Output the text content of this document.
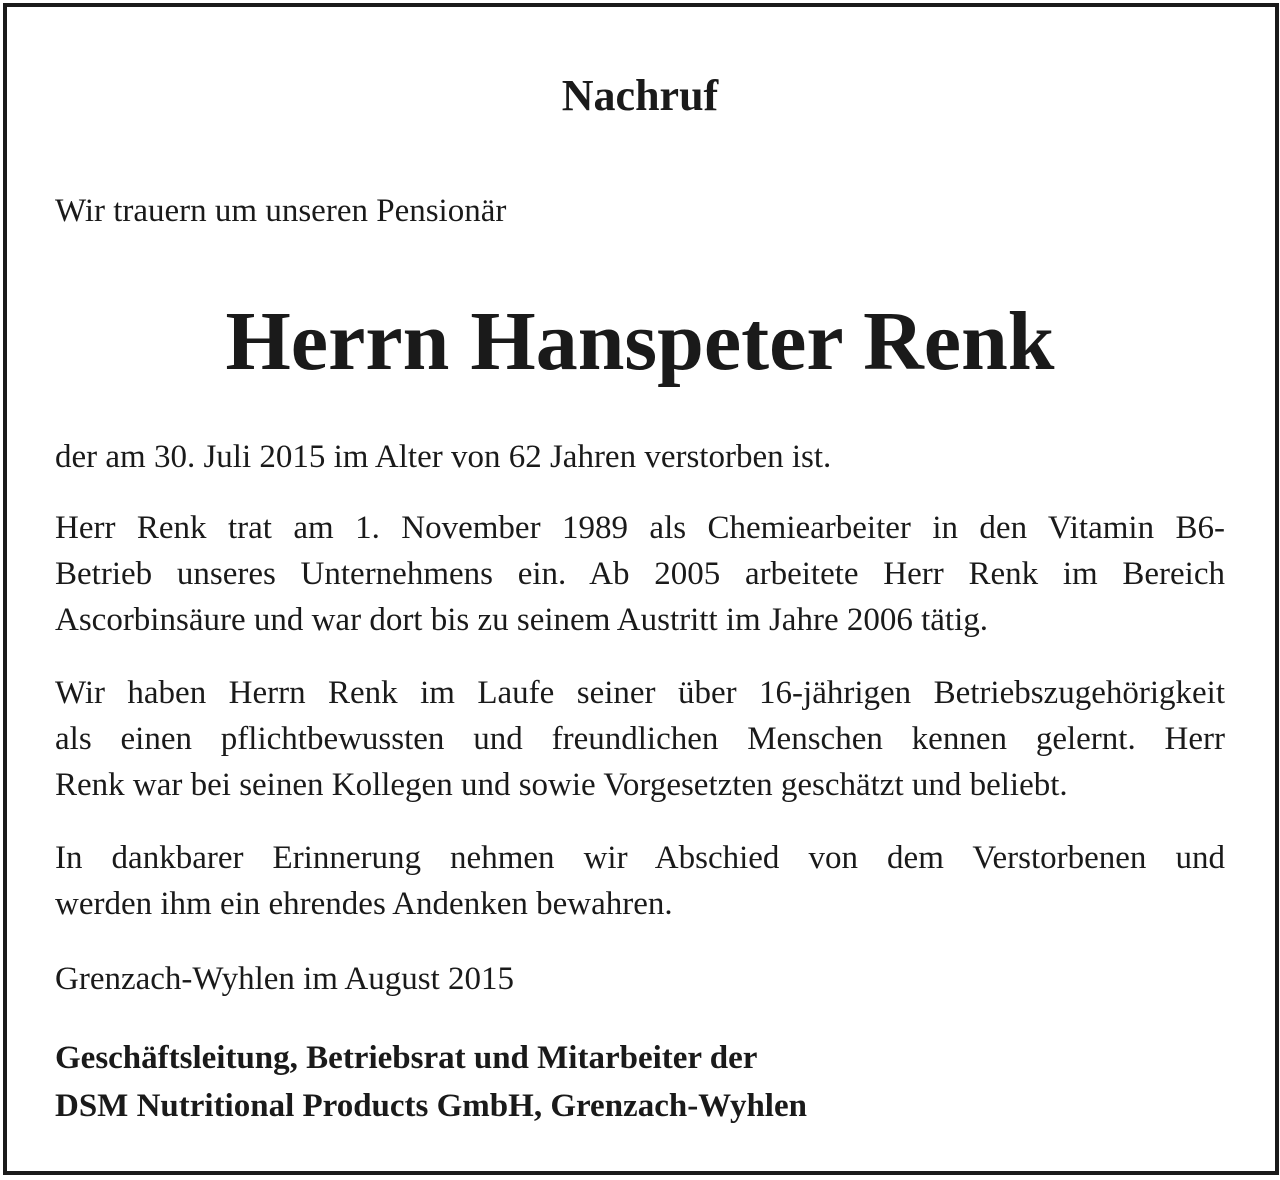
Nachruf

Wir trauern um unseren Pensionär

Herrn Hanspeter Renk

der am 30. Juli 2015 im Alter von 62 Jahren verstorben ist.

Herr Renk trat am 1. November 1989 als Chemiearbeiter in den Vitamin B6-
Betrieb unseres Unternehmens ein. Ab 2005 arbeitete Herr Renk im Bereich
Ascorbinsäure und war dort bis zu seinem Austritt im Jahre 2006 tätig.
Wir haben Herrn Renk im Laufe seiner über 16-jährigen Betriebszugehörigkeit
als einen pflichtbewussten und freundlichen Menschen kennen gelernt. Herr
Renk war bei seinen Kollegen und sowie Vorgesetzten geschätzt und beliebt.
In dankbarer Erinnerung nehmen wir Abschied von dem Verstorbenen und
werden ihm ein ehrendes Andenken bewahren.

Grenzach-Wyhlen im August 2015

Geschäftsleitung, Betriebsrat und Mitarbeiter der

DSM Nutritional Products GmbH, Grenzach-Wyhlen
